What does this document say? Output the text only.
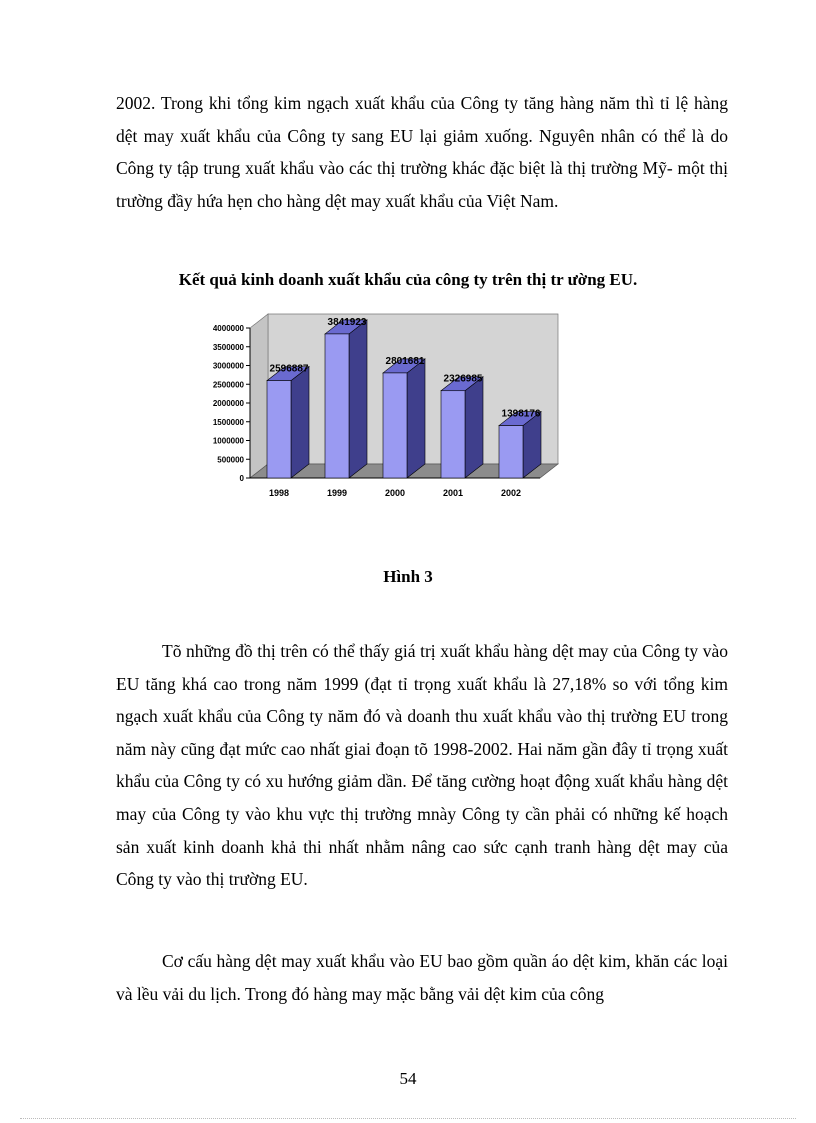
2002. Trong khi tổng kim ngạch xuất khẩu của Công ty tăng hàng năm thì tỉ lệ hàng dệt may xuất khẩu của Công ty sang EU lại giảm xuống. Nguyên nhân có thể là do Công ty tập trung xuất khẩu vào các thị trường khác đặc biệt là thị trường Mỹ- một thị trường đầy hứa hẹn cho hàng dệt may xuất khẩu của Việt Nam.

Kết quả kinh doanh xuất khẩu của công ty trên thị tr ường EU.

0
500000
1000000
1500000
2000000
2500000
3000000
3500000
4000000
2596887
1998
3841923
1999
2801681
2000
2326985
2001
1398176
2002

Hình 3

Tõ những đồ thị trên có thể thấy giá trị xuất khẩu hàng dệt may của Công ty vào EU tăng khá cao trong năm 1999 (đạt tỉ trọng xuất khẩu là 27,18% so với tổng kim ngạch xuất khẩu của Công ty năm đó và doanh thu xuất khẩu vào thị trường EU trong năm này cũng đạt mức cao nhất giai đoạn tõ 1998-2002. Hai năm gần đây tỉ trọng xuất khẩu của Công ty có xu hướng giảm dần. Để tăng cường hoạt động xuất khẩu hàng dệt may của Công ty vào khu vực thị trường mnày Công ty cần phải có những kế hoạch sản xuất kinh doanh khả thi nhất nhằm nâng cao sức cạnh tranh hàng dệt may của Công ty vào thị trường EU.

Cơ cấu hàng dệt may xuất khẩu vào EU bao gồm quần áo dệt kim, khăn các loại và lều vải du lịch. Trong đó hàng may mặc bằng vải dệt kim của công

54
